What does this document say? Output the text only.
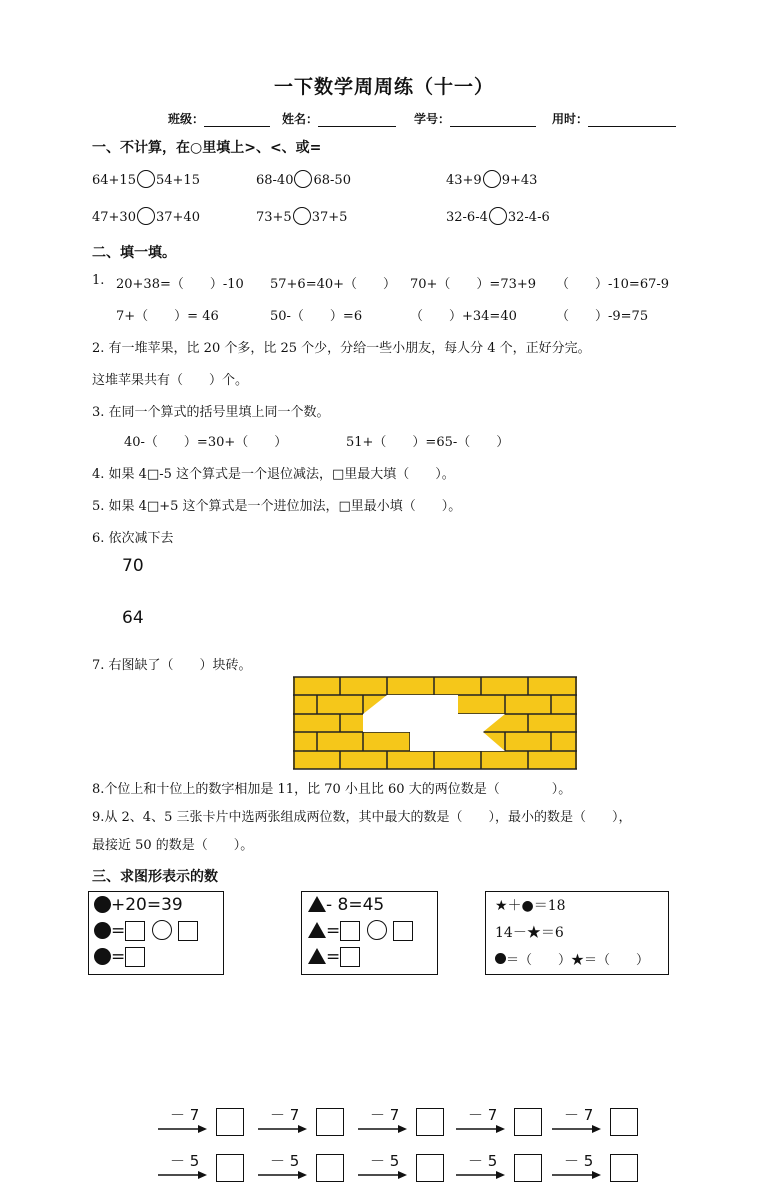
一下数学周周练（十一）
班级：	姓名：	学号：	用时：
一、不计算，在○里填上>、<、或=
64+15 54+15	68-40 68-50	43+9 9+43
47+30 37+40	73+5 37+5	32-6-4 32-4-6
二、填一填。
1. 20+38=（　　）-10 57+6=40+（　　） 70+（　　）=73+9 （　　）-10=67-9
7+（　　）= 46	50-（　　）=6	（　　）+34=40	（　　）-9=75
2. 有一堆苹果，比 20 个多，比 25 个少，分给一些小朋友，每人分 4 个，正好分完。
这堆苹果共有（　　）个。
3. 在同一个算式的括号里填上同一个数。
40-（　　）=30+（　　）	51+（　　）=65-（　　）
4. 如果 4□-5 这个算式是一个退位减法，□里最大填（　　）。
5. 如果 4□+5 这个算式是一个进位加法，□里最小填（　　）。
6. 依次减下去
70
64
－ 7	－ 7	－ 7	－ 7	－ 7
－ 5	－ 5	－ 5	－ 5	－ 5
7. 右图缺了（　　）块砖。
8.个位上和十位上的数字相加是 11，比 70 小且比 60 大的两位数是（　　　　）。
9.从 2、4、5 三张卡片中选两张组成两位数，其中最大的数是（　　），最小的数是（　　），
最接近 50 的数是（　　）。
三、求图形表示的数
+20=39
=
=
- 8=45
=
=
★＋●＝18
14－★＝6
＝（　　）★＝（　　）
